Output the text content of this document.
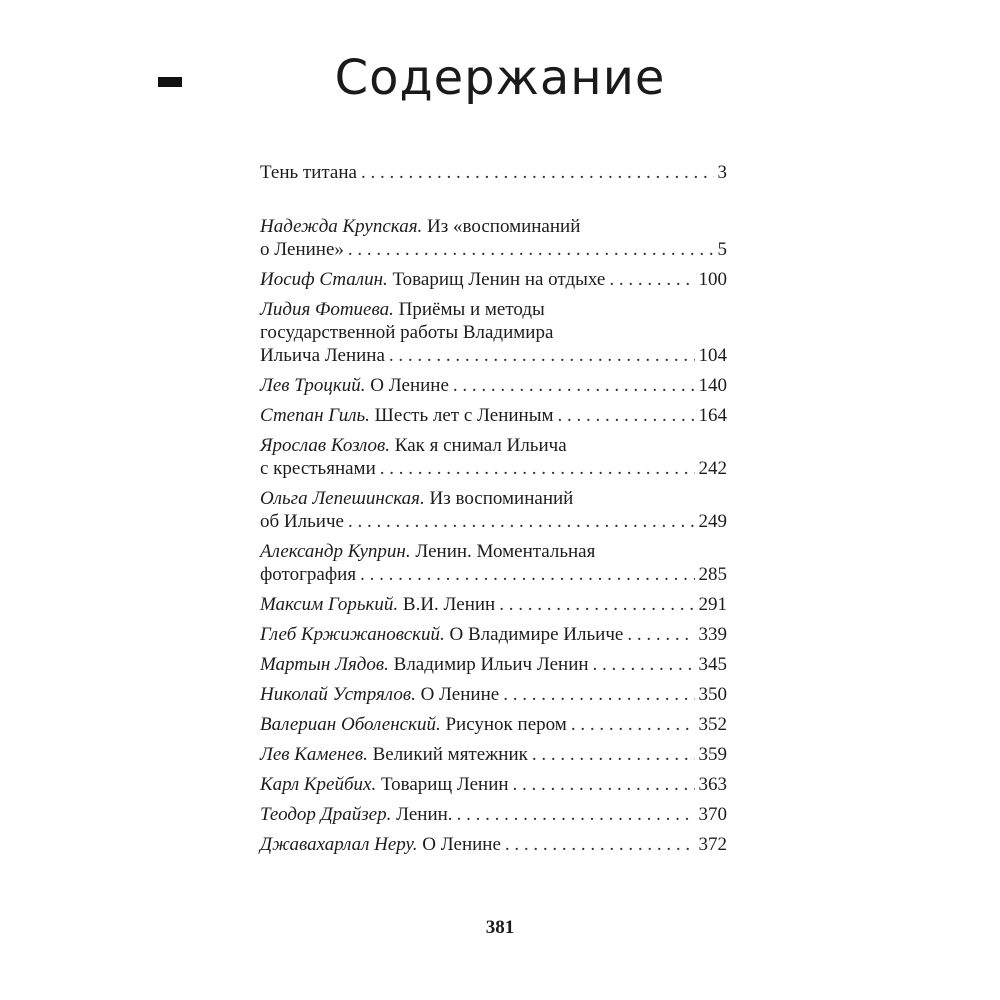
Содержание
Тень титана . . .	3
Надежда Крупская. Из «воспоминаний
о Ленине» . . .	5
Иосиф Сталин. Товарищ Ленин на отдыхе . . .	100
Лидия Фотиева. Приёмы и методы
государственной работы Владимира
Ильича Ленина . . .	104
Лев Троцкий. О Ленине . . .	140
Степан Гиль. Шесть лет с Лениным . . .	164
Ярослав Козлов. Как я снимал Ильича
с крестьянами . . .	242
Ольга Лепешинская. Из воспоминаний
об Ильиче . . .	249
Александр Куприн. Ленин. Моментальная
фотография . . .	285
Максим Горький. В.И. Ленин . . .	291
Глеб Кржижановский. О Владимире Ильиче . . .	339
Мартын Лядов. Владимир Ильич Ленин . . .	345
Николай Устрялов. О Ленине . . .	350
Валериан Оболенский. Рисунок пером . . .	352
Лев Каменев. Великий мятежник . . .	359
Карл Крейбих. Товарищ Ленин . . .	363
Теодор Драйзер. Ленин. . . .	370
Джавахарлал Неру. О Ленине . . .	372
381
